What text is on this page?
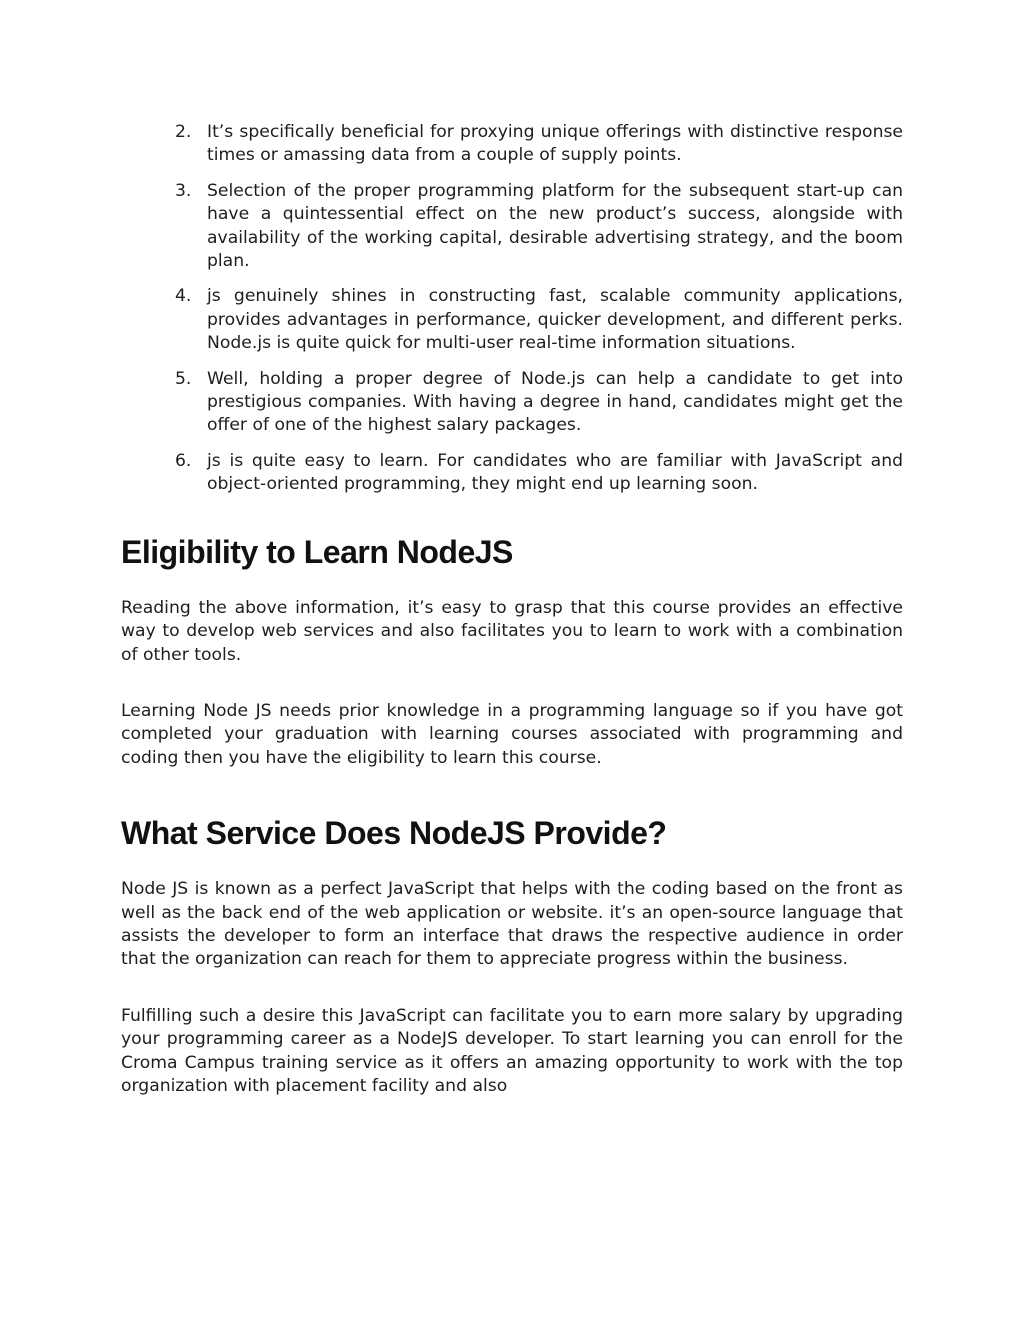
2. It’s specifically beneficial for proxying unique offerings with distinctive response times or amassing data from a couple of supply points.
3. Selection of the proper programming platform for the subsequent start-up can have a quintessential effect on the new product’s success, alongside with availability of the working capital, desirable advertising strategy, and the boom plan.
4. js genuinely shines in constructing fast, scalable community applications, provides advantages in performance, quicker development, and different perks. Node.js is quite quick for multi-user real-time information situations.
5. Well, holding a proper degree of Node.js can help a candidate to get into prestigious companies. With having a degree in hand, candidates might get the offer of one of the highest salary packages.
6. js is quite easy to learn. For candidates who are familiar with JavaScript and object-oriented programming, they might end up learning soon.
Eligibility to Learn NodeJS

Reading the above information, it’s easy to grasp that this course provides an effective way to develop web services and also facilitates you to learn to work with a combination of other tools.

Learning Node JS needs prior knowledge in a programming language so if you have got completed your graduation with learning courses associated with programming and coding then you have the eligibility to learn this course.

What Service Does NodeJS Provide?

Node JS is known as a perfect JavaScript that helps with the coding based on the front as well as the back end of the web application or website. it’s an open-source language that assists the developer to form an interface that draws the respective audience in order that the organization can reach for them to appreciate progress within the business.

Fulfilling such a desire this JavaScript can facilitate you to earn more salary by upgrading your programming career as a NodeJS developer. To start learning you can enroll for the Croma Campus training service as it offers an amazing opportunity to work with the top organization with placement facility and also
